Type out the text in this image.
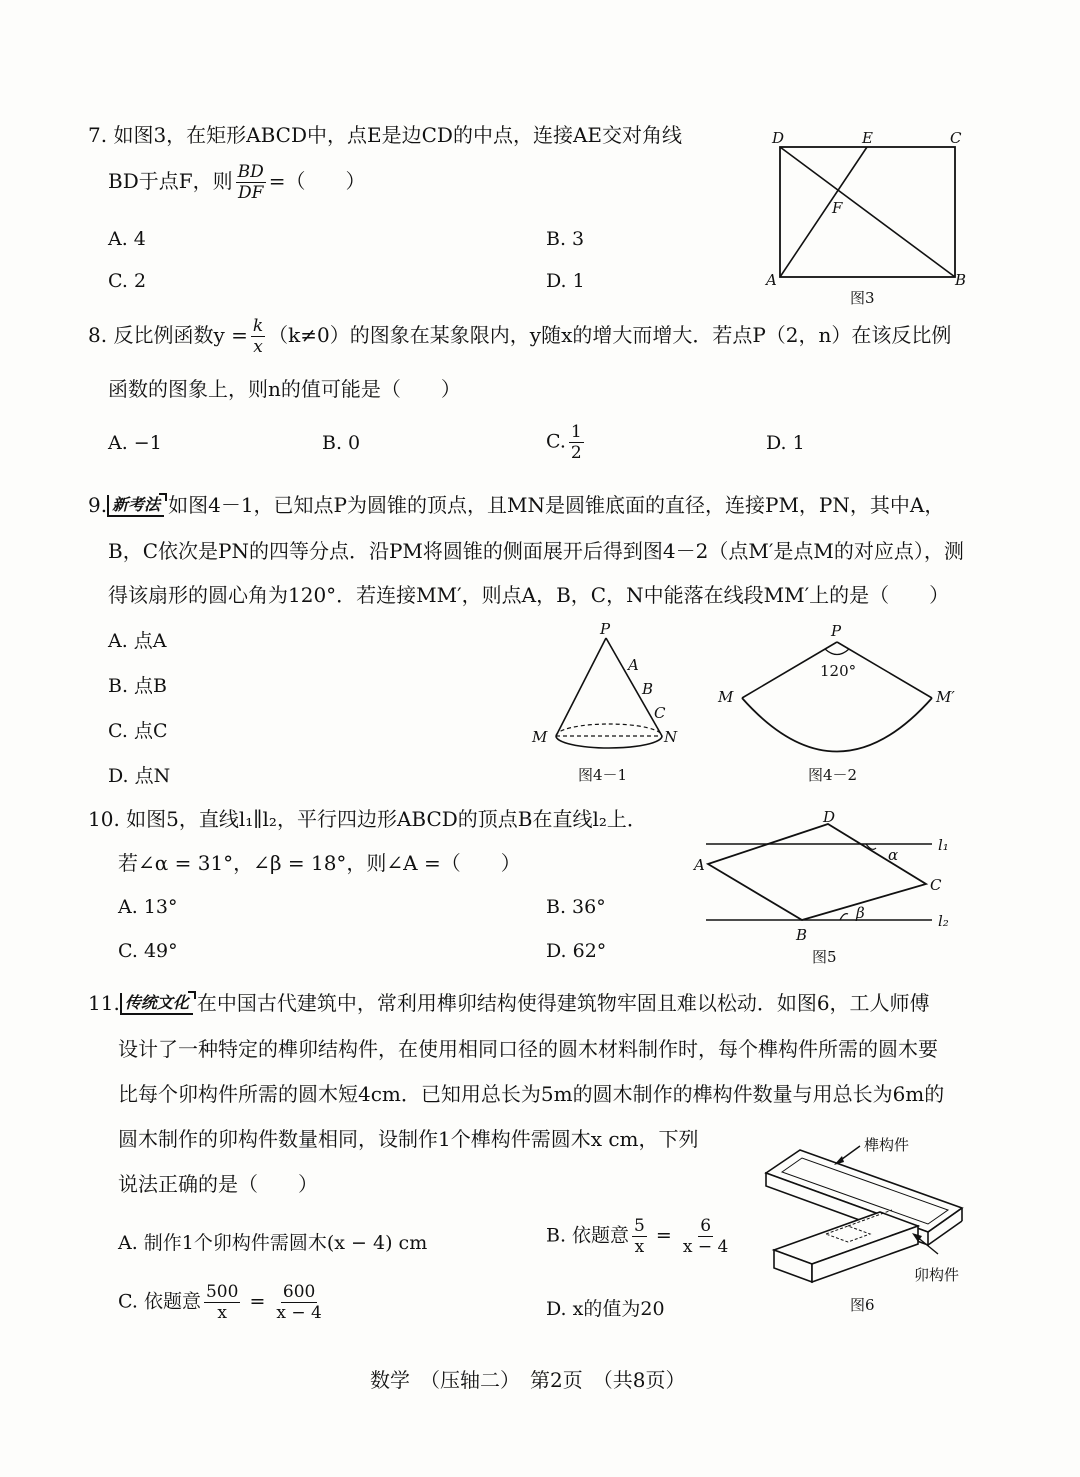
7. 如图3，在矩形ABCD中，点E是边CD的中点，连接AE交对角线
BD于点F，则 $\frac{BD}{DF}$ =（　　）
A. 4	B. 3
C. 2	D. 1
D	E	C
F
A	B
图3
8. 反比例函数$y = \frac{k}{x} (k\ne 0)$的图象在某象限内，y随x的增大而增大．若点P（2，n）在该反比例
函数的图象上，则n的值可能是（　　）
A. −1	B. 0	C. $\frac{1}{2}$	D. 1
9. 新考法 如图4－1，已知点P为圆锥的顶点，且MN是圆锥底面的直径，连接PM，PN，其中A，
B，C依次是PN的四等分点．沿PM将圆锥的侧面展开后得到图4－2（点M′是点M的对应点），测
得该扇形的圆心角为120°．若连接MM′，则点A，B，C，N中能落在线段MM′上的是（　　）
A. 点A
B. 点B
C. 点C
D. 点N
P
A
B
C
M	N
图4－1
P
120°
M	M′
图4－2
10. 如图5，直线l₁∥l₂，平行四边形ABCD的顶点B在直线l₂上．
若∠α = 31°，∠β = 18°，则∠A =（　　）
A. 13°	B. 36°
C. 49°	D. 62°
D
l₁
α
A
C
β	l₂
B
图5
11. 传统文化 在中国古代建筑中，常利用榫卯结构使得建筑物牢固且难以松动．如图6，工人师傅
设计了一种特定的榫卯结构件，在使用相同口径的圆木材料制作时，每个榫构件所需的圆木要
比每个卯构件所需的圆木短4cm．已知用总长为5m的圆木制作的榫构件数量与用总长为6m的
圆木制作的卯构件数量相同，设制作1个榫构件需圆木x cm，下列
说法正确的是（　　）
A. 制作1个卯构件需圆木(x − 4) cm	B. 依题意 $\frac{5}{x} = \frac{6}{x - 4}$
C. 依题意 $\frac{500}{x} = \frac{600}{x - 4}$	D. x的值为20
榫构件
卯构件
图6
数学　（压轴二）　第2页　（共8页）
